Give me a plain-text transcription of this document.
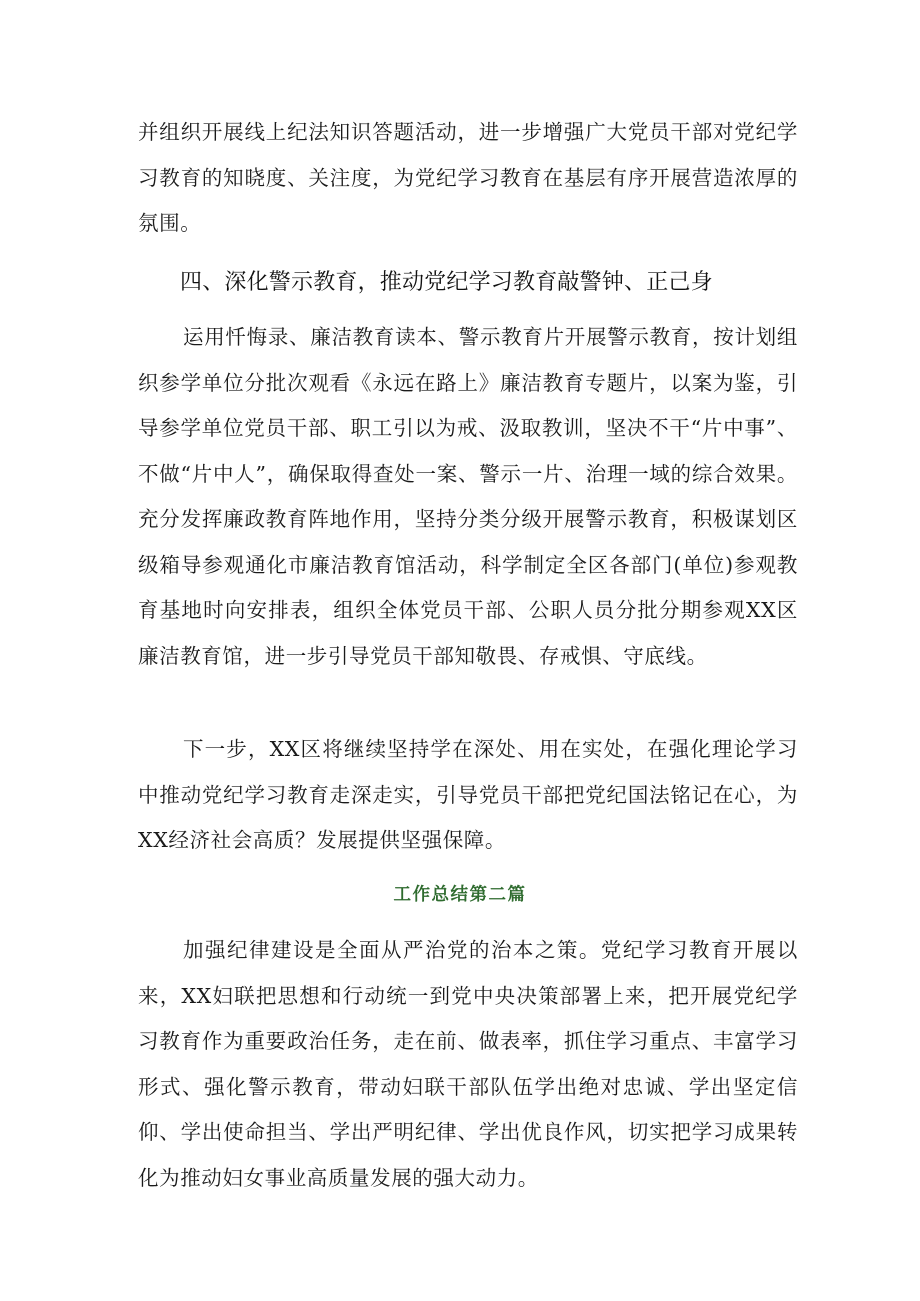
并组织开展线上纪法知识答题活动，进一步增强广大党员干部对党纪学习教育的知晓度、关注度，为党纪学习教育在基层有序开展营造浓厚的氛围。

四、深化警示教育，推动党纪学习教育敲警钟、正己身

运用忏悔录、廉洁教育读本、警示教育片开展警示教育，按计划组织参学单位分批次观看《永远在路上》廉洁教育专题片，以案为鉴，引导参学单位党员干部、职工引以为戒、汲取教训，坚决不干“片中事”、不做“片中人”，确保取得查处一案、警示一片、治理一域的综合效果。充分发挥廉政教育阵地作用，坚持分类分级开展警示教育，积极谋划区级箱导参观通化市廉洁教育馆活动，科学制定全区各部门(单位)参观教育基地时向安排表，组织全体党员干部、公职人员分批分期参观XX区廉洁教育馆，进一步引导党员干部知敬畏、存戒惧、守底线。

下一步，XX区将继续坚持学在深处、用在实处，在强化理论学习中推动党纪学习教育走深走实，引导党员干部把党纪国法铭记在心，为XX经济社会高质？发展提供坚强保障。

工作总结第二篇

加强纪律建设是全面从严治党的治本之策。党纪学习教育开展以来，XX妇联把思想和行动统一到党中央决策部署上来，把开展党纪学习教育作为重要政治任务，走在前、做表率，抓住学习重点、丰富学习形式、强化警示教育，带动妇联干部队伍学出绝对忠诚、学出坚定信仰、学出使命担当、学出严明纪律、学出优良作风，切实把学习成果转化为推动妇女事业高质量发展的强大动力。
